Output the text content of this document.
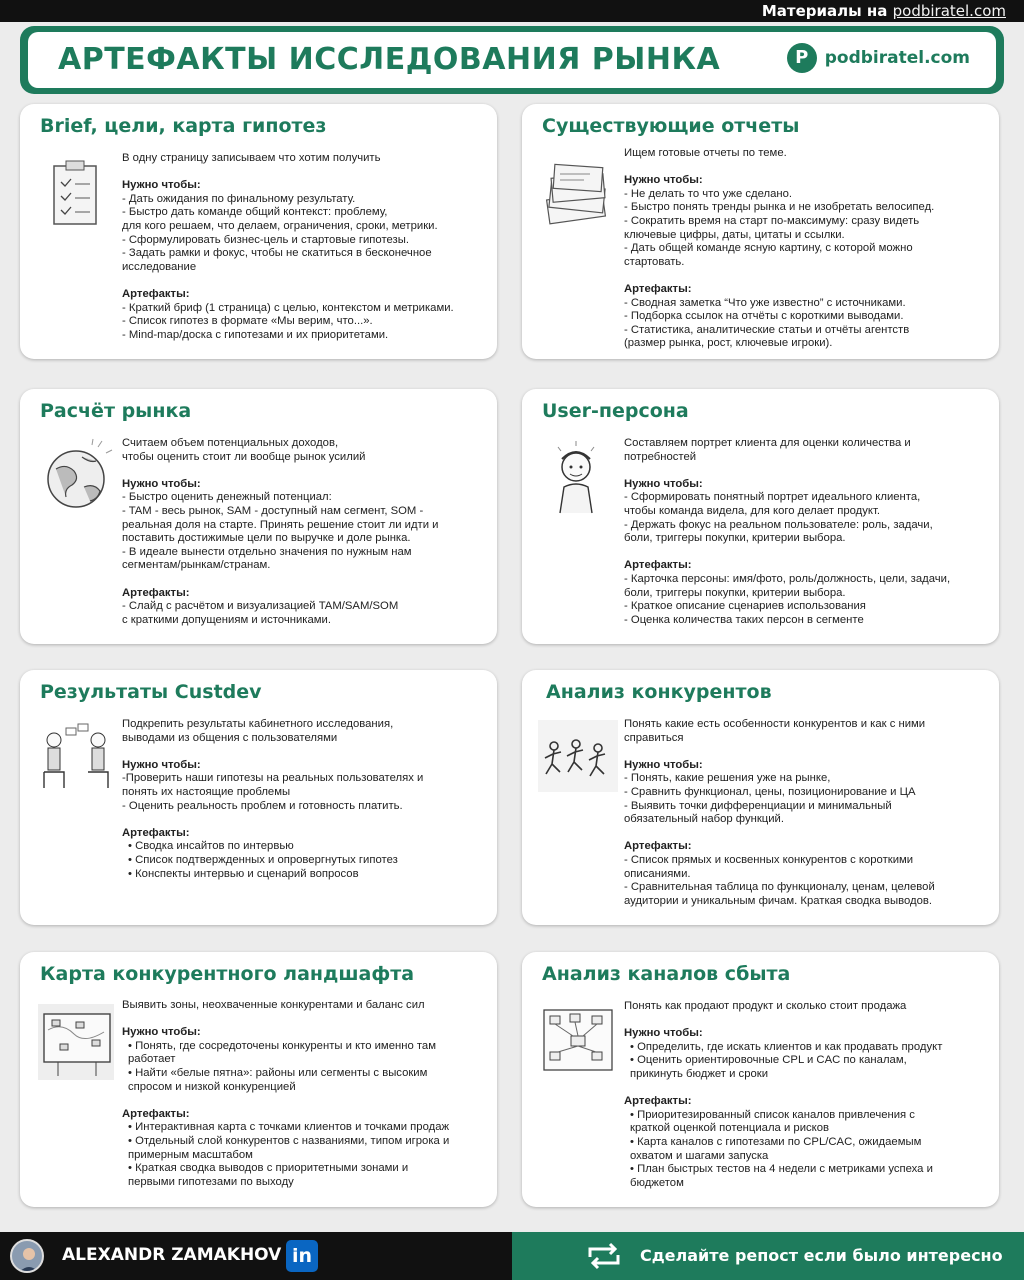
Материалы на podbiratel.com
АРТЕФАКТЫ ИССЛЕДОВАНИЯ РЫНКА	P podbiratel.com
Brief, цели, карта гипотез

В одну страницу записываем что хотим получить

Нужно чтобы:
- Дать ожидания по финальному результату.
- Быстро дать команде общий контекст: проблему,
для кого решаем, что делаем, ограничения, сроки, метрики.
- Сформулировать бизнес-цель и стартовые гипотезы.
- Задать рамки и фокус, чтобы не скатиться в бесконечное
исследование

Артефакты:
- Краткий бриф (1 страница) с целью, контекстом и метриками.
- Список гипотез в формате «Мы верим, что...».
- Mind-map/доска с гипотезами и их приоритетами.

Существующие отчеты

Ищем готовые отчеты по теме.

Нужно чтобы:
- Не делать то что уже сделано.
- Быстро понять тренды рынка и не изобретать велосипед.
- Сократить время на старт по-максимуму: сразу видеть
ключевые цифры, даты, цитаты и ссылки.
- Дать общей команде ясную картину, с которой можно
стартовать.

Артефакты:
- Сводная заметка “Что уже известно” с источниками.
- Подборка ссылок на отчёты с короткими выводами.
- Статистика, аналитические статьи и отчёты агентств
(размер рынка, рост, ключевые игроки).

Расчёт рынка

Считаем объем потенциальных доходов,
чтобы оценить стоит ли вообще рынок усилий

Нужно чтобы:
- Быстро оценить денежный потенциал:
- TAM - весь рынок, SAM - доступный нам сегмент, SOM -
реальная доля на старте. Принять решение стоит ли идти и
поставить достижимые цели по выручке и доле рынка.
- В идеале вынести отдельно значения по нужным нам
сегментам/рынкам/странам.

Артефакты:
- Слайд с расчётом и визуализацией TAM/SAM/SOM
с краткими допущениям и источниками.

User-персона

Составляем портрет клиента для оценки количества и
потребностей

Нужно чтобы:
- Сформировать понятный портрет идеального клиента,
чтобы команда видела, для кого делает продукт.
- Держать фокус на реальном пользователе: роль, задачи,
боли, триггеры покупки, критерии выбора.

Артефакты:
- Карточка персоны: имя/фото, роль/должность, цели, задачи,
боли, триггеры покупки, критерии выбора.
- Краткое описание сценариев использования
- Оценка количества таких персон в сегменте

Результаты Custdev

Подкрепить результаты кабинетного исследования,
выводами из общения с пользователями

Нужно чтобы:
-Проверить наши гипотезы на реальных пользователях и
понять их настоящие проблемы
- Оценить реальность проблем и готовность платить.

Артефакты:
• Сводка инсайтов по интервью
• Список подтвержденных и опровергнутых гипотез
• Конспекты интервью и сценарий вопросов

Анализ конкурентов

Понять какие есть особенности конкурентов и как с ними
справиться

Нужно чтобы:
- Понять, какие решения уже на рынке,
- Сравнить функционал, цены, позиционирование и ЦА
- Выявить точки дифференциации и минимальный
обязательный набор функций.

Артефакты:
- Список прямых и косвенных конкурентов с короткими
описаниями.
- Сравнительная таблица по функционалу, ценам, целевой
аудитории и уникальным фичам. Краткая сводка выводов.

Карта конкурентного ландшафта

Выявить зоны, неохваченные конкурентами и баланс сил

Нужно чтобы:
• Понять, где сосредоточены конкуренты и кто именно там
работает
• Найти «белые пятна»: районы или сегменты с высоким
спросом и низкой конкуренцией

Артефакты:
• Интерактивная карта с точками клиентов и точками продаж
• Отдельный слой конкурентов с названиями, типом игрока и
примерным масштабом
• Краткая сводка выводов с приоритетными зонами и
первыми гипотезами по выходу

Анализ каналов сбыта

Понять как продают продукт и сколько стоит продажа

Нужно чтобы:
• Определить, где искать клиентов и как продавать продукт
• Оценить ориентировочные CPL и CAC по каналам,
прикинуть бюджет и сроки

Артефакты:
• Приоритезированный список каналов привлечения с
краткой оценкой потенциала и рисков
• Карта каналов с гипотезами по CPL/CAC, ожидаемым
охватом и шагами запуска
• План быстрых тестов на 4 недели с метриками успеха и
бюджетом

ALEXANDR ZAMAKHOV in	Сделайте репост если было интересно
